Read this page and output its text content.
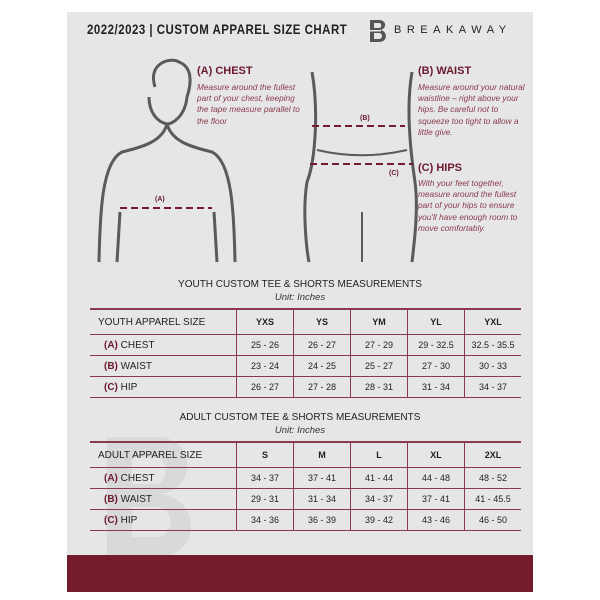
2022/2023 | CUSTOM APPAREL SIZE CHART	BREAKAWAY
(A)
(B)
(C)
(A) CHEST
Measure around the fullest part of your chest, keeping the tape measure parallel to the floor
(B) WAIST
Measure around your natural waistline – right above your hips. Be careful not to squeeze too tight to allow a little give.
(C) HIPS
With your feet together, measure around the fullest part of your hips to ensure you'll have enough room to move comfortably.
YOUTH CUSTOM TEE & SHORTS MEASUREMENTS
Unit: Inches
YOUTH APPAREL SIZE	YXS	YS	YM	YL	YXL
(A) CHEST	25 - 26	26 - 27	27 - 29	29 - 32.5	32.5 - 35.5
(B) WAIST	23 - 24	24 - 25	25 - 27	27 - 30	30 - 33
(C) HIP	26 - 27	27 - 28	28 - 31	31 - 34	34 - 37
ADULT CUSTOM TEE & SHORTS MEASUREMENTS
Unit: Inches
ADULT APPAREL SIZE	S	M	L	XL	2XL
(A) CHEST	34 - 37	37 - 41	41 - 44	44 - 48	48 - 52
(B) WAIST	29 - 31	31 - 34	34 - 37	37 - 41	41 - 45.5
(C) HIP	34 - 36	36 - 39	39 - 42	43 - 46	46 - 50
